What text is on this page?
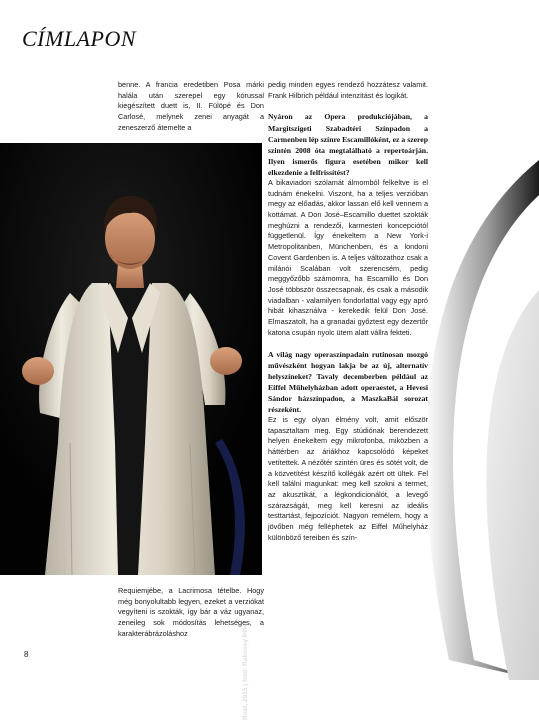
CÍMLAPON
Rost, 2015 | fotó: Rakossy Péter

benne. A francia eredetiben Posa márki halála után szerepel egy kórussal kiegészített duett is, II. Fülöpé és Don Carlosé, melynek zenei anyagát a zeneszerző átemelte a

Requiemjébe, a Lacrimosa tételbe. Hogy még bonyolultabb legyen, ezeket a verziókat vegyíteni is szokták, így bár a váz ugyanaz, zeneileg sok módosítás lehetséges, a karakterábrázoláshoz

pedig minden egyes rendező hozzátesz valamit. Frank Hilbrich például intenzitást és logikát.

Nyáron az Opera produkciójában, a Margitszigeti Szabadtéri Színpadon a Carmenben lép színre Escamillóként, ez a szerep szintén 2008 óta megtalálható a repertoárján. Ilyen ismerős figura esetében mikor kell elkezdenie a felfrissítést?

A bikaviadori szólamát álmomból felkeltve is el tudnám énekelni. Viszont, ha a teljes verzióban megy az előadás, akkor lassan elő kell vennem a kottámat. A Don José–Escamillo duettet szokták meghúzni a rendezői, karmesteri koncepciótól függetlenül. Így énekeltem a New York-i Metropolitanben, Münchenben, és a londoni Covent Gardenben is. A teljes változathoz csak a milánói Scalában volt szerencsém, pedig meggyőzőbb számomra, ha Escamillo és Don José többször összecsapnak, és csak a második viadalban - valamilyen fondorlattal vagy egy apró hibát kihasználva - kerekedik felül Don José. Elmaszatolt, ha a granadai győztest egy dezertőr katona csupán nyolc ütem alatt vállra fekteti.

A világ nagy operaszínpadain rutinosan mozgó művészként hogyan lakja be az új, alternatív helyszíneket? Tavaly decemberben például az Eiffel Műhelyházban adott operaestet, a Hevesi Sándor házszínpadon, a MaszkaBál sorozat részeként.

Ez is egy olyan élmény volt, amit először tapasztaltam meg. Egy stúdiónak berendezett helyen énekeltem egy mikrofonba, miközben a háttérben az áriákhoz kapcsolódó képeket vetítettek. A nézőtér szintén üres és sötét volt, de a közvetítést készítő kollégák azért ott ültek. Fel kell találni magunkat: meg kell szokni a termet, az akusztikát, a légkondicionálót, a levegő szárazságát, meg kell keresni az ideális testtartást, fejpozíciót. Nagyon remélem, hogy a jövőben még felléphetek az Eiffel Műhelyház különböző tereiben és szín-

8
